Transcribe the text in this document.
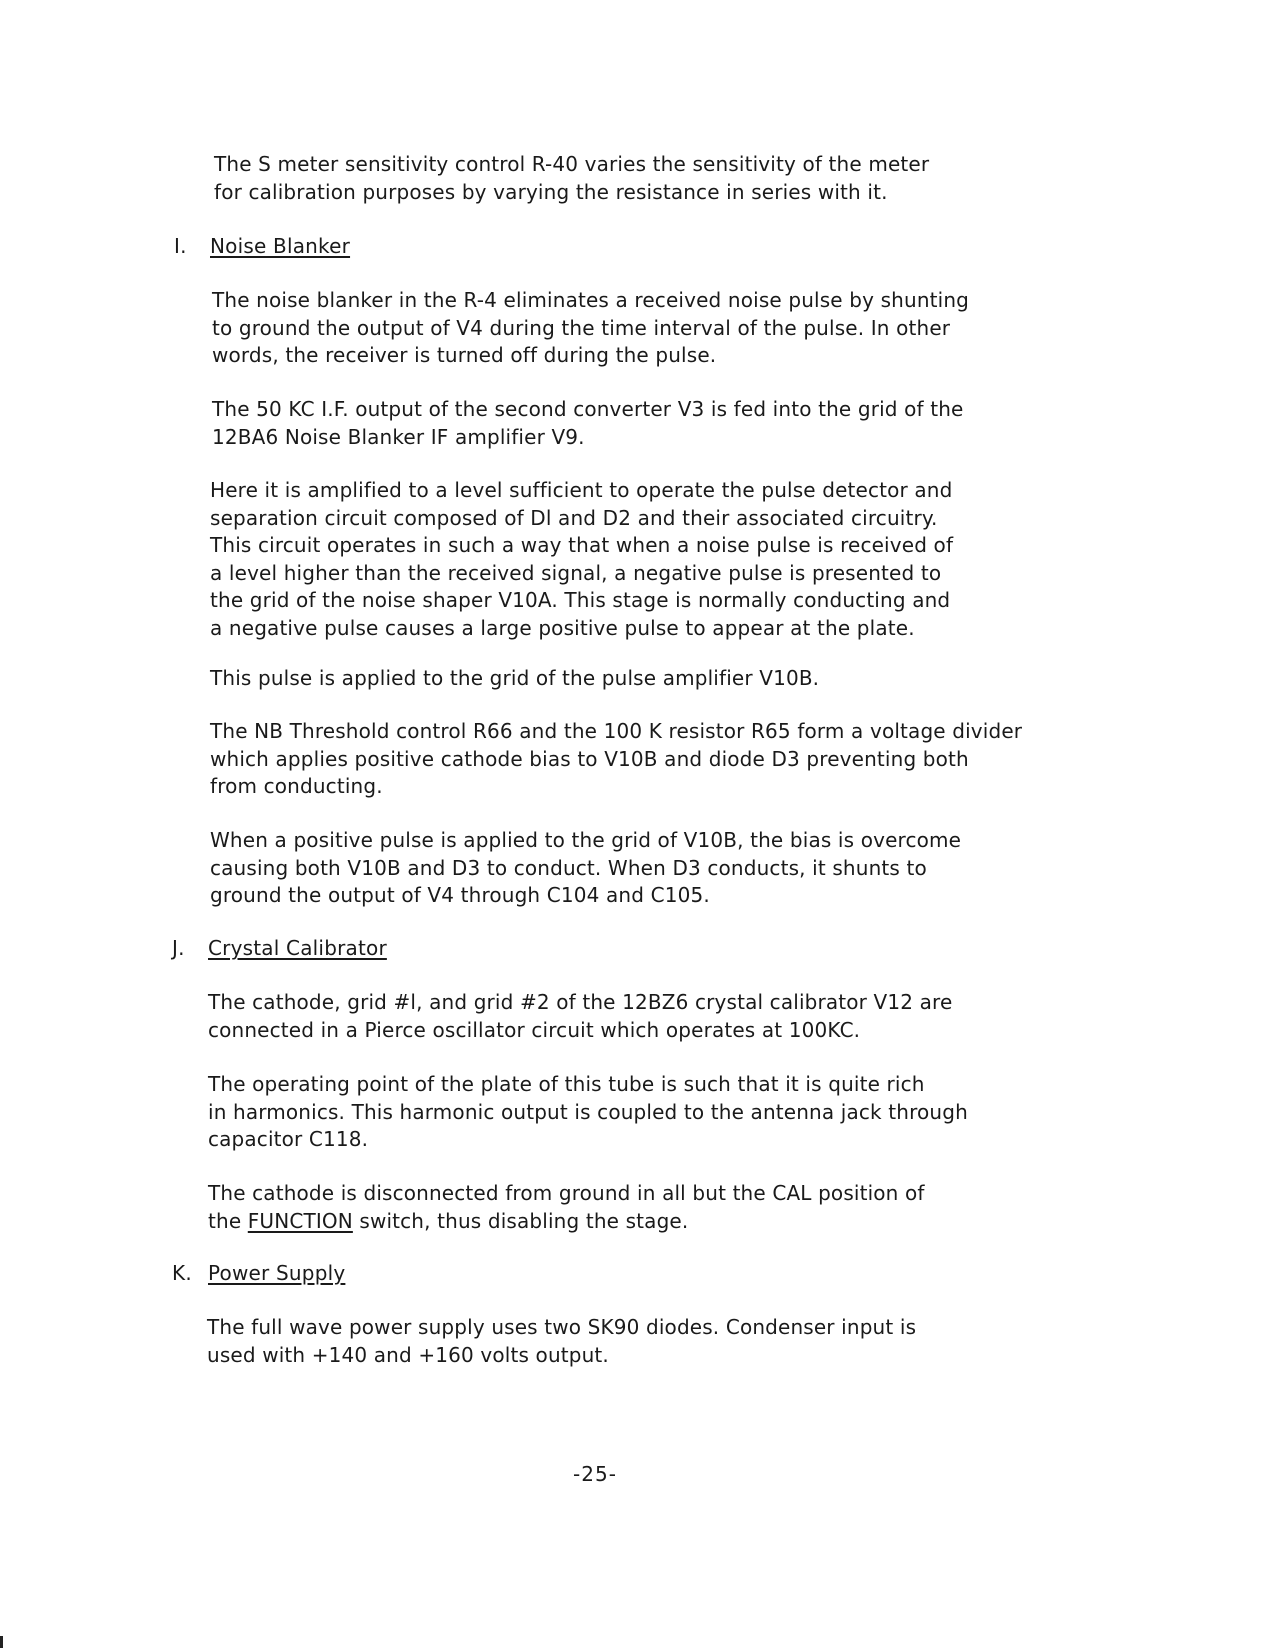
The S meter sensitivity control R-40 varies the sensitivity of the meter
for calibration purposes by varying the resistance in series with it.

I. Noise Blanker

The noise blanker in the R-4 eliminates a received noise pulse by shunting
to ground the output of V4 during the time interval of the pulse. In other
words, the receiver is turned off during the pulse.

The 50 KC I.F. output of the second converter V3 is fed into the grid of the
12BA6 Noise Blanker IF amplifier V9.

Here it is amplified to a level sufficient to operate the pulse detector and
separation circuit composed of Dl and D2 and their associated circuitry.
This circuit operates in such a way that when a noise pulse is received of
a level higher than the received signal, a negative pulse is presented to
the grid of the noise shaper V10A. This stage is normally conducting and
a negative pulse causes a large positive pulse to appear at the plate.

This pulse is applied to the grid of the pulse amplifier V10B.

The NB Threshold control R66 and the 100 K resistor R65 form a voltage divider
which applies positive cathode bias to V10B and diode D3 preventing both
from conducting.

When a positive pulse is applied to the grid of V10B, the bias is overcome
causing both V10B and D3 to conduct. When D3 conducts, it shunts to
ground the output of V4 through C104 and C105.

J. Crystal Calibrator

The cathode, grid #l, and grid #2 of the 12BZ6 crystal calibrator V12 are
connected in a Pierce oscillator circuit which operates at 100KC.

The operating point of the plate of this tube is such that it is quite rich
in harmonics. This harmonic output is coupled to the antenna jack through
capacitor C118.

The cathode is disconnected from ground in all but the CAL position of
the FUNCTION switch, thus disabling the stage.

K. Power Supply

The full wave power supply uses two SK90 diodes. Condenser input is
used with +140 and +160 volts output.

-25-
